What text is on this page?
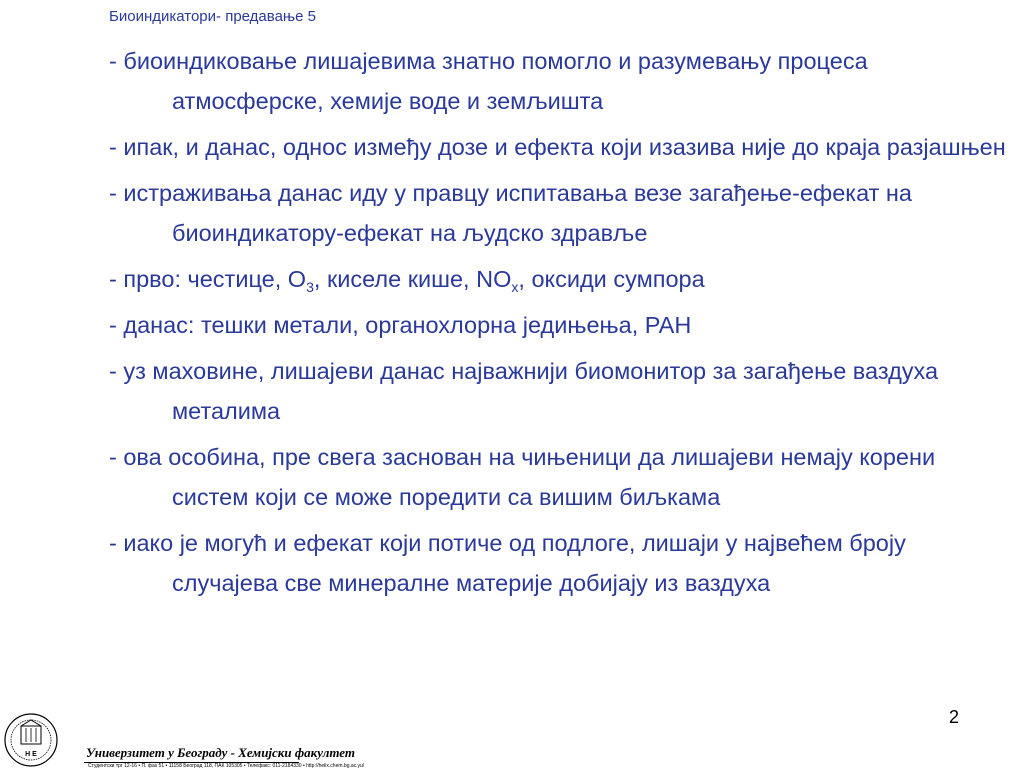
Биоиндикатори- предавање 5
- биоиндиковање лишајевима знатно помогло и разумевању процеса атмосферске, хемије воде и земљишта
- ипак, и данас, однос између дозе и ефекта који изазива није до краја разјашњен
- истраживања данас иду у правцу испитавања везе загађење-ефекат на биоиндикатору-ефекат на људско здравље
- прво: честице, $О_3$, киселе кише, $NO_x$, оксиди сумпора
- данас: тешки метали, органохлорна једињења, PAH
- уз маховине, лишајеви данас најважнији биомонитор за загађење ваздуха металима
- ова особина, пре свега заснован на чињеници да лишајеви немају корени систем који се може поредити са вишим биљкама
- иако је могућ и ефекат који потиче од подлоге, лишаји у највећем броју случајева све минералне материје добијају из ваздуха
2
Н Е	Универзитет у Београду - Хемијски факултет
Студентски трг 12-16 • П. фах 51 • 11158 Београд 118, ПАК 105305 • Телефакс: 011-2184330 • http://helix.chem.bg.ac.yu/
